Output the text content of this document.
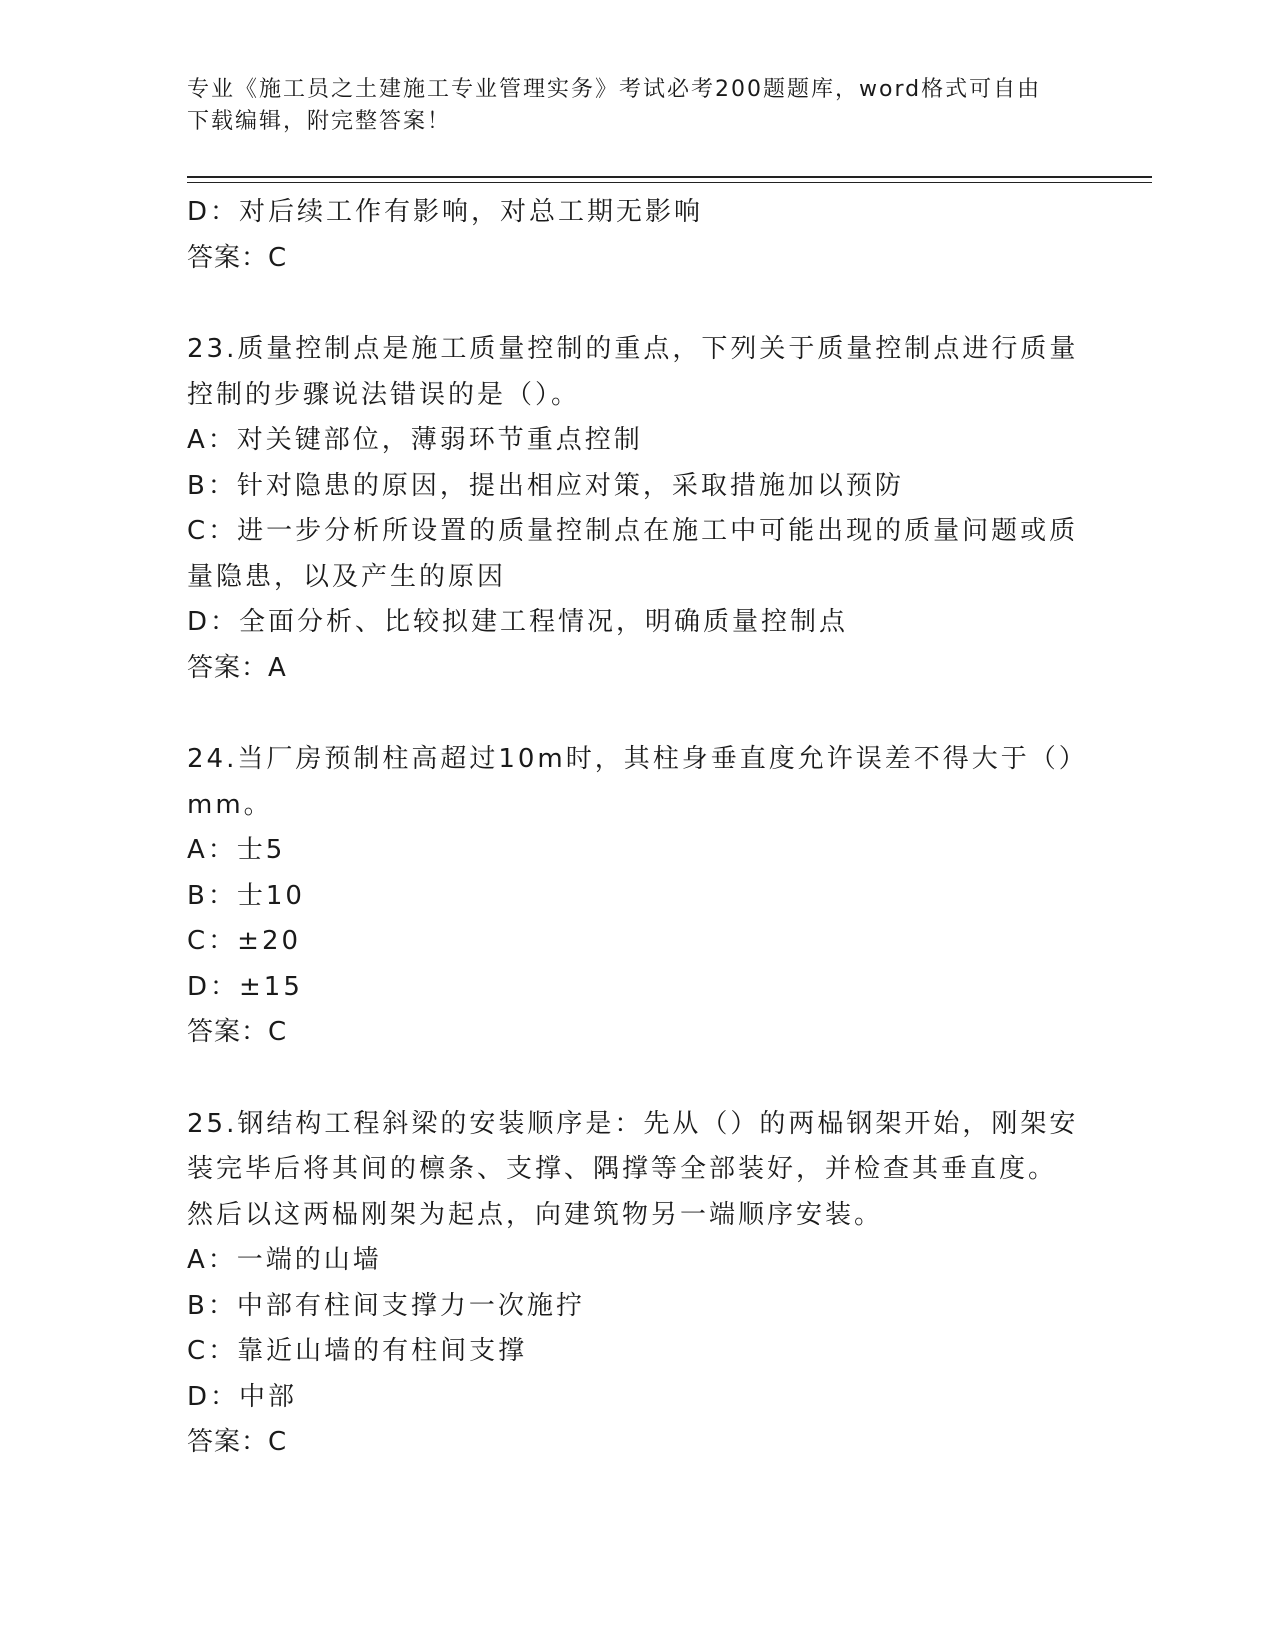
专业《施工员之土建施工专业管理实务》考试必考200题题库，word格式可自由
下载编辑，附完整答案！
D：对后续工作有影响，对总工期无影响
答案：C
23.质量控制点是施工质量控制的重点，下列关于质量控制点进行质量
控制的步骤说法错误的是（）。
A：对关键部位，薄弱环节重点控制
B：针对隐患的原因，提出相应对策，采取措施加以预防
C：进一步分析所设置的质量控制点在施工中可能出现的质量问题或质
量隐患，以及产生的原因
D：全面分析、比较拟建工程情况，明确质量控制点
答案：A
24.当厂房预制柱高超过10m时，其柱身垂直度允许误差不得大于（）
mm。
A：士5
B：士10
C：±20
D：±15
答案：C
25.钢结构工程斜梁的安装顺序是：先从（）的两榀钢架开始，刚架安
装完毕后将其间的檩条、支撑、隅撑等全部装好，并检查其垂直度。
然后以这两榀刚架为起点，向建筑物另一端顺序安装。
A：一端的山墙
B：中部有柱间支撑力一次施拧
C：靠近山墙的有柱间支撑
D：中部
答案：C
